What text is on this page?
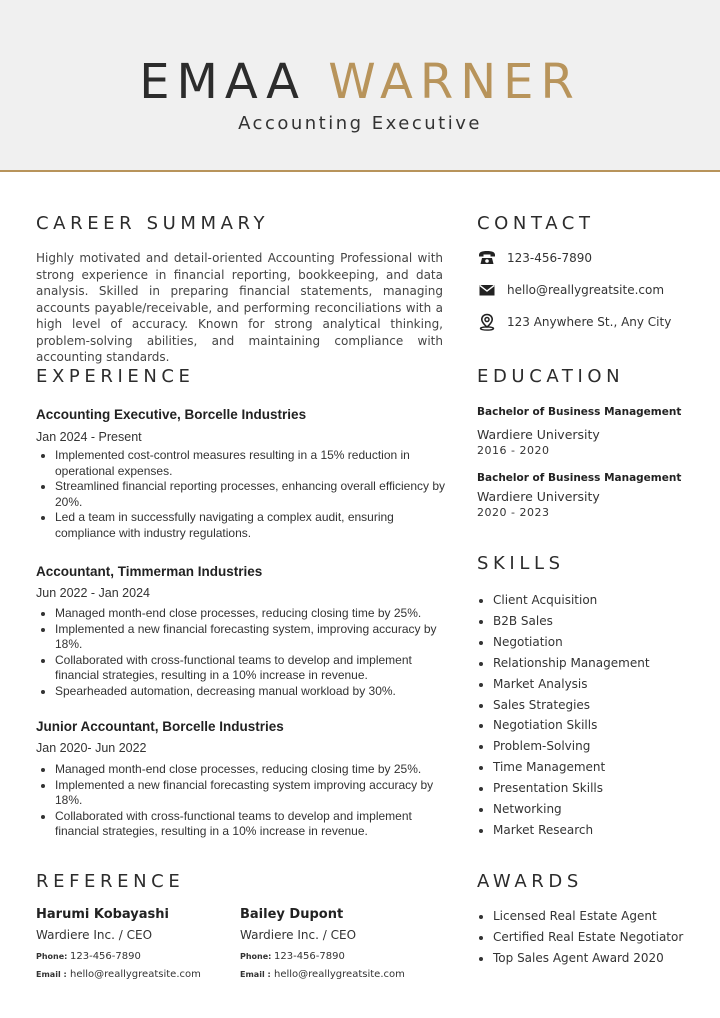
EMAA WARNER
Accounting Executive
CAREER SUMMARY
Highly motivated and detail-oriented Accounting Professional with strong experience in financial reporting, bookkeeping, and data analysis. Skilled in preparing financial statements, managing accounts payable/receivable, and performing reconciliations with a high level of accuracy. Known for strong analytical thinking, problem-solving abilities, and maintaining compliance with accounting standards.
EXPERIENCE
Accounting Executive, Borcelle Industries
Jan 2024 - Present
• Implemented cost-control measures resulting in a 15% reduction in operational expenses.
• Streamlined financial reporting processes, enhancing overall efficiency by 20%.
• Led a team in successfully navigating a complex audit, ensuring compliance with industry regulations.
Accountant, Timmerman Industries
Jun 2022 - Jan 2024
• Managed month-end close processes, reducing closing time by 25%.
• Implemented a new financial forecasting system, improving accuracy by 18%.
• Collaborated with cross-functional teams to develop and implement financial strategies, resulting in a 10% increase in revenue.
• Spearheaded automation, decreasing manual workload by 30%.
Junior Accountant, Borcelle Industries
Jan 2020- Jun 2022
• Managed month-end close processes, reducing closing time by 25%.
• Implemented a new financial forecasting system improving accuracy by 18%.
• Collaborated with cross-functional teams to develop and implement financial strategies, resulting in a 10% increase in revenue.
CONTACT
123-456-7890
hello@reallygreatsite.com
123 Anywhere St., Any City
EDUCATION
Bachelor of Business Management
Wardiere University
2016 - 2020
Bachelor of Business Management
Wardiere University
2020 - 2023
SKILLS
• Client Acquisition
• B2B Sales
• Negotiation
• Relationship Management
• Market Analysis
• Sales Strategies
• Negotiation Skills
• Problem-Solving
• Time Management
• Presentation Skills
• Networking
• Market Research
REFERENCE
Harumi Kobayashi
Wardiere Inc. / CEO
Phone: 123-456-7890
Email : hello@reallygreatsite.com
Bailey Dupont
Wardiere Inc. / CEO
Phone: 123-456-7890
Email : hello@reallygreatsite.com
AWARDS
• Licensed Real Estate Agent
• Certified Real Estate Negotiator
• Top Sales Agent Award 2020
